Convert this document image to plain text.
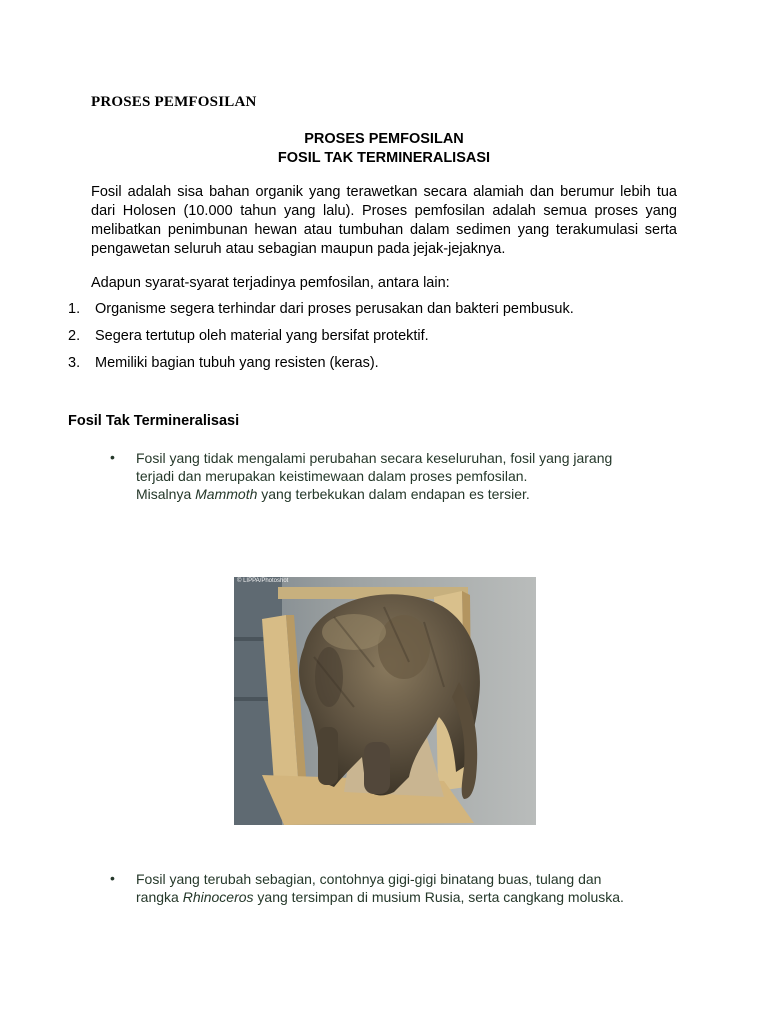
PROSES PEMFOSILAN
PROSES PEMFOSILAN
FOSIL TAK TERMINERALISASI
Fosil adalah sisa bahan organik yang terawetkan secara alamiah dan berumur lebih tua dari Holosen (10.000 tahun yang lalu). Proses pemfosilan adalah semua proses yang melibatkan penimbunan hewan atau tumbuhan dalam sedimen yang terakumulasi serta pengawetan seluruh atau sebagian maupun pada jejak-jejaknya.
Adapun syarat-syarat terjadinya pemfosilan, antara lain:
1. Organisme segera terhindar dari proses perusakan dan bakteri pembusuk.
2. Segera tertutup oleh material yang bersifat protektif.
3. Memiliki bagian tubuh yang resisten (keras).
Fosil Tak Termineralisasi
• Fosil yang tidak mengalami perubahan secara keseluruhan, fosil yang jarang
terjadi dan merupakan keistimewaan dalam proses pemfosilan.
Misalnya Mammoth yang terbekukan dalam endapan es tersier.
© LIPPA/Photoshot
• Fosil yang terubah sebagian, contohnya gigi-gigi binatang buas, tulang dan
rangka Rhinoceros yang tersimpan di musium Rusia, serta cangkang moluska.
